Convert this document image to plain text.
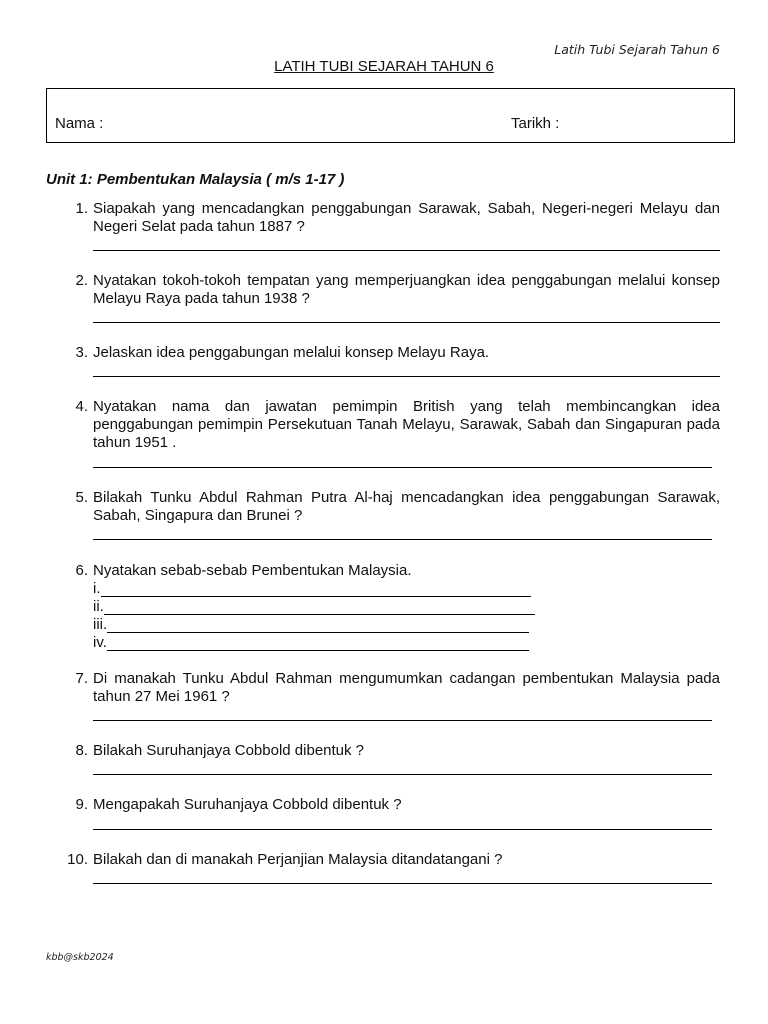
Latih Tubi Sejarah Tahun 6
LATIH TUBI SEJARAH TAHUN 6
Nama :	Tarikh :
Unit 1: Pembentukan Malaysia ( m/s 1-17 )
1. Siapakah yang mencadangkan penggabungan Sarawak, Sabah, Negeri-negeri Melayu dan Negeri Selat pada tahun 1887 ?
2. Nyatakan tokoh-tokoh tempatan yang memperjuangkan idea penggabungan melalui konsep Melayu Raya pada tahun 1938 ?
3. Jelaskan idea penggabungan melalui konsep Melayu Raya.
4. Nyatakan nama dan jawatan pemimpin British yang telah membincangkan idea penggabungan pemimpin Persekutuan Tanah Melayu, Sarawak, Sabah dan Singapuran pada tahun 1951 .
5. Bilakah Tunku Abdul Rahman Putra Al-haj mencadangkan idea penggabungan Sarawak, Sabah, Singapura dan Brunei ?
6. Nyatakan sebab-sebab Pembentukan Malaysia.
i.
ii.
iii.
iv.
7. Di manakah Tunku Abdul Rahman mengumumkan cadangan pembentukan Malaysia pada tahun 27 Mei 1961 ?
8. Bilakah Suruhanjaya Cobbold dibentuk ?
9. Mengapakah Suruhanjaya Cobbold dibentuk ?
10. Bilakah dan di manakah Perjanjian Malaysia ditandatangani ?
kbb@skb2024
